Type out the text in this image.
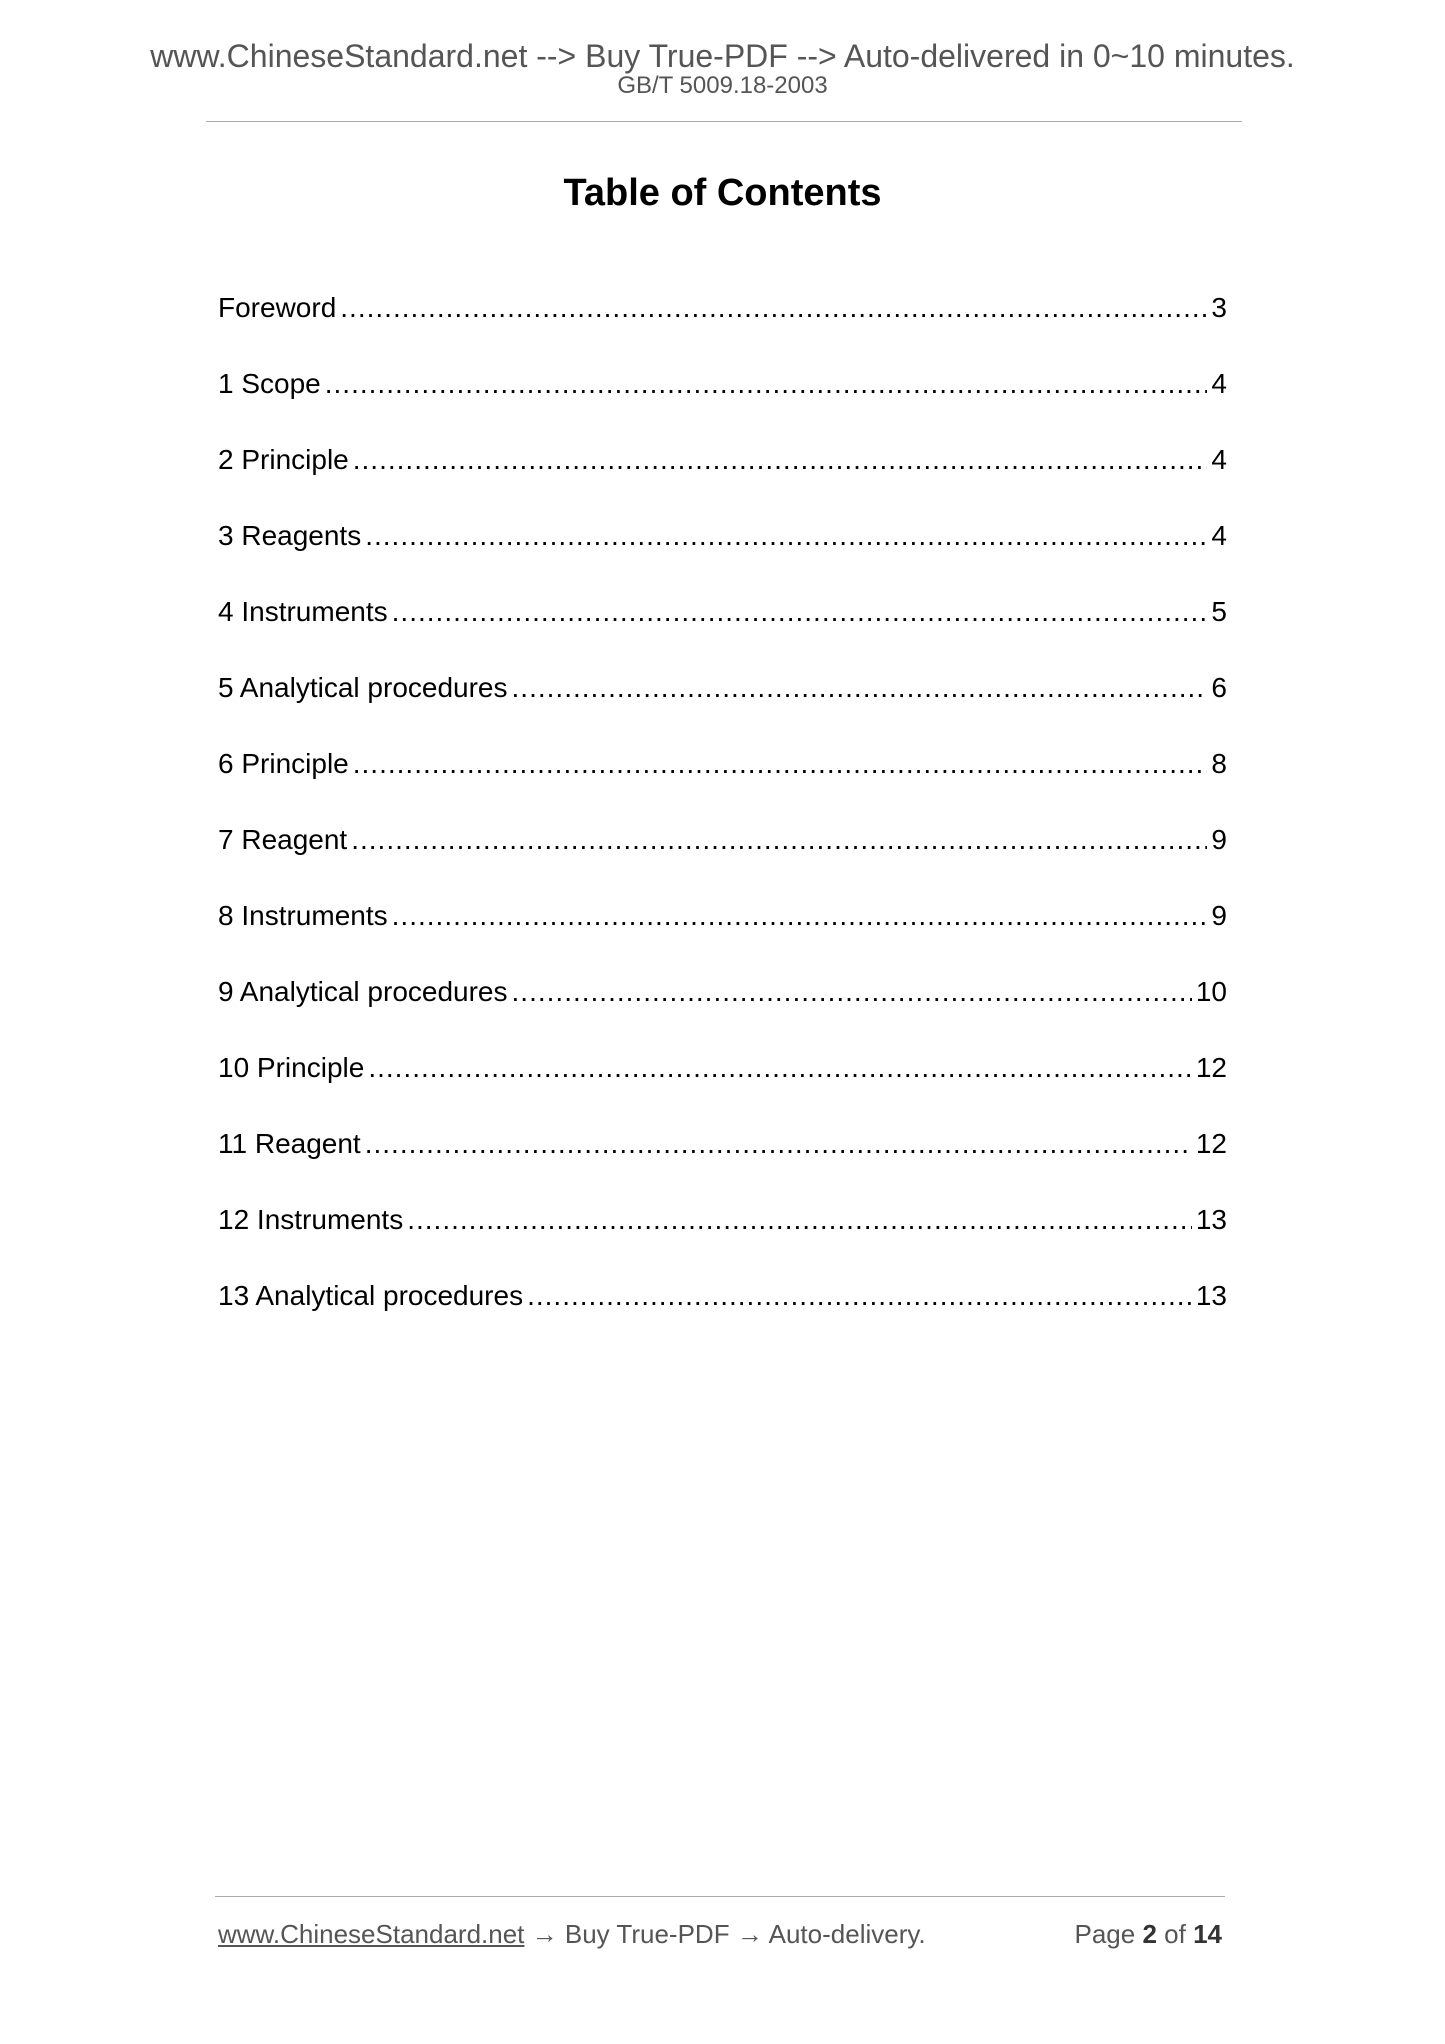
www.ChineseStandard.net --> Buy True-PDF --> Auto-delivered in 0~10 minutes.
GB/T 5009.18-2003
Table of Contents
Foreword .....	3
1 Scope .....	4
2 Principle .....	4
3 Reagents .....	4
4 Instruments .....	5
5 Analytical procedures .....	6
6 Principle .....	8
7 Reagent .....	9
8 Instruments .....	9
9 Analytical procedures .....	10
10 Principle .....	12
11 Reagent .....	12
12 Instruments .....	13
13 Analytical procedures .....	13
www.ChineseStandard.net → Buy True-PDF → Auto-delivery.	Page 2 of 14
